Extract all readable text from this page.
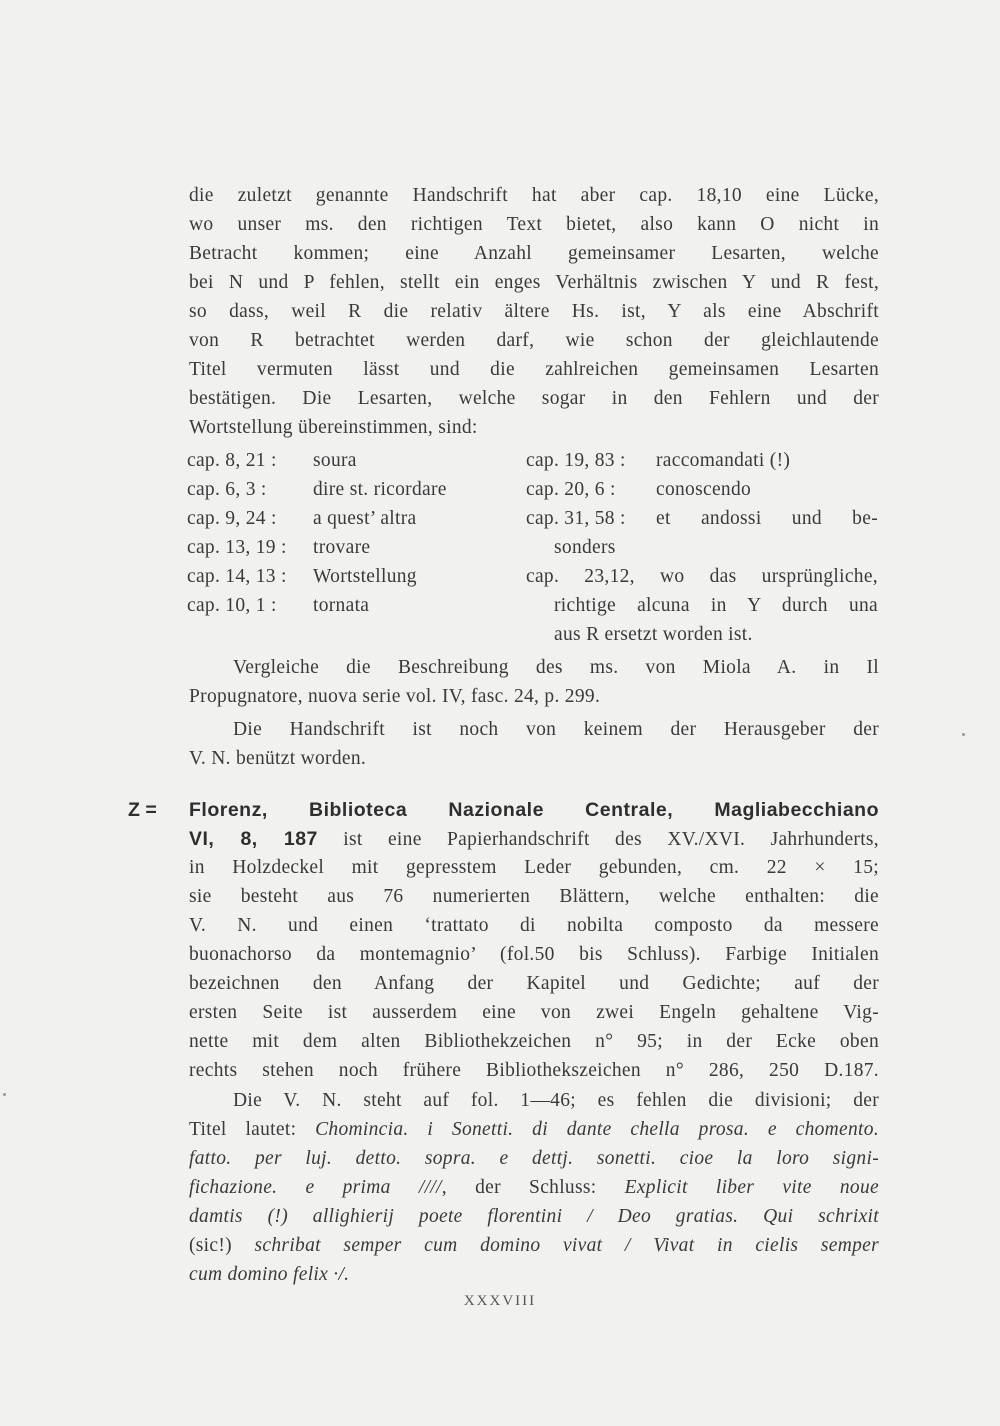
die zuletzt genannte Handschrift hat aber cap. 18,10 eine Lücke,
wo unser ms. den richtigen Text bietet, also kann O nicht in
Betracht kommen; eine Anzahl gemeinsamer Lesarten, welche
bei N und P fehlen, stellt ein enges Verhältnis zwischen Y und R fest,
so dass, weil R die relativ ältere Hs. ist, Y als eine Abschrift
von R betrachtet werden darf, wie schon der gleichlautende
Titel vermuten lässt und die zahlreichen gemeinsamen Lesarten
bestätigen. Die Lesarten, welche sogar in den Fehlern und der
Wortstellung übereinstimmen, sind:
cap. 8, 21 : soura
cap. 6, 3 : dire st. ricordare
cap. 9, 24 : a quest’ altra
cap. 13, 19 : trovare
cap. 14, 13 : Wortstellung
cap. 10, 1 : tornata
cap. 19, 83 : raccomandati (!)
cap. 20, 6 : conoscendo
cap. 31, 58 : et andossi und be-
sonders
cap. 23,12, wo das ursprüngliche,
richtige alcuna in Y durch una
aus R ersetzt worden ist.
Vergleiche die Beschreibung des ms. von Miola A. in Il
Propugnatore, nuova serie vol. IV, fasc. 24, p. 299.
Die Handschrift ist noch von keinem der Herausgeber der
V. N. benützt worden.
Z = Florenz, Biblioteca Nazionale Centrale, Magliabecchiano
VI, 8, 187 ist eine Papierhandschrift des XV./XVI. Jahrhunderts,
in Holzdeckel mit gepresstem Leder gebunden, cm. 22 × 15;
sie besteht aus 76 numerierten Blättern, welche enthalten: die
V. N. und einen ‘trattato di nobilta composto da messere
buonachorso da montemagnio’ (fol.50 bis Schluss). Farbige Initialen
bezeichnen den Anfang der Kapitel und Gedichte; auf der
ersten Seite ist ausserdem eine von zwei Engeln gehaltene Vig-
nette mit dem alten Bibliothekzeichen n° 95; in der Ecke oben
rechts stehen noch frühere Bibliothekszeichen n° 286, 250 D.187.
Die V. N. steht auf fol. 1—46; es fehlen die divisioni; der
Titel lautet: Chomincia. i Sonetti. di dante chella prosa. e chomento.
fatto. per luj. detto. sopra. e dettj. sonetti. cioe la loro signi-
fichazione. e prima ////, der Schluss: Explicit liber vite noue
damtis (!) allighierij poete florentini / Deo gratias. Qui schrixit
(sic!) schribat semper cum domino vivat / Vivat in cielis semper
cum domino felix ·/.
XXXVIII
